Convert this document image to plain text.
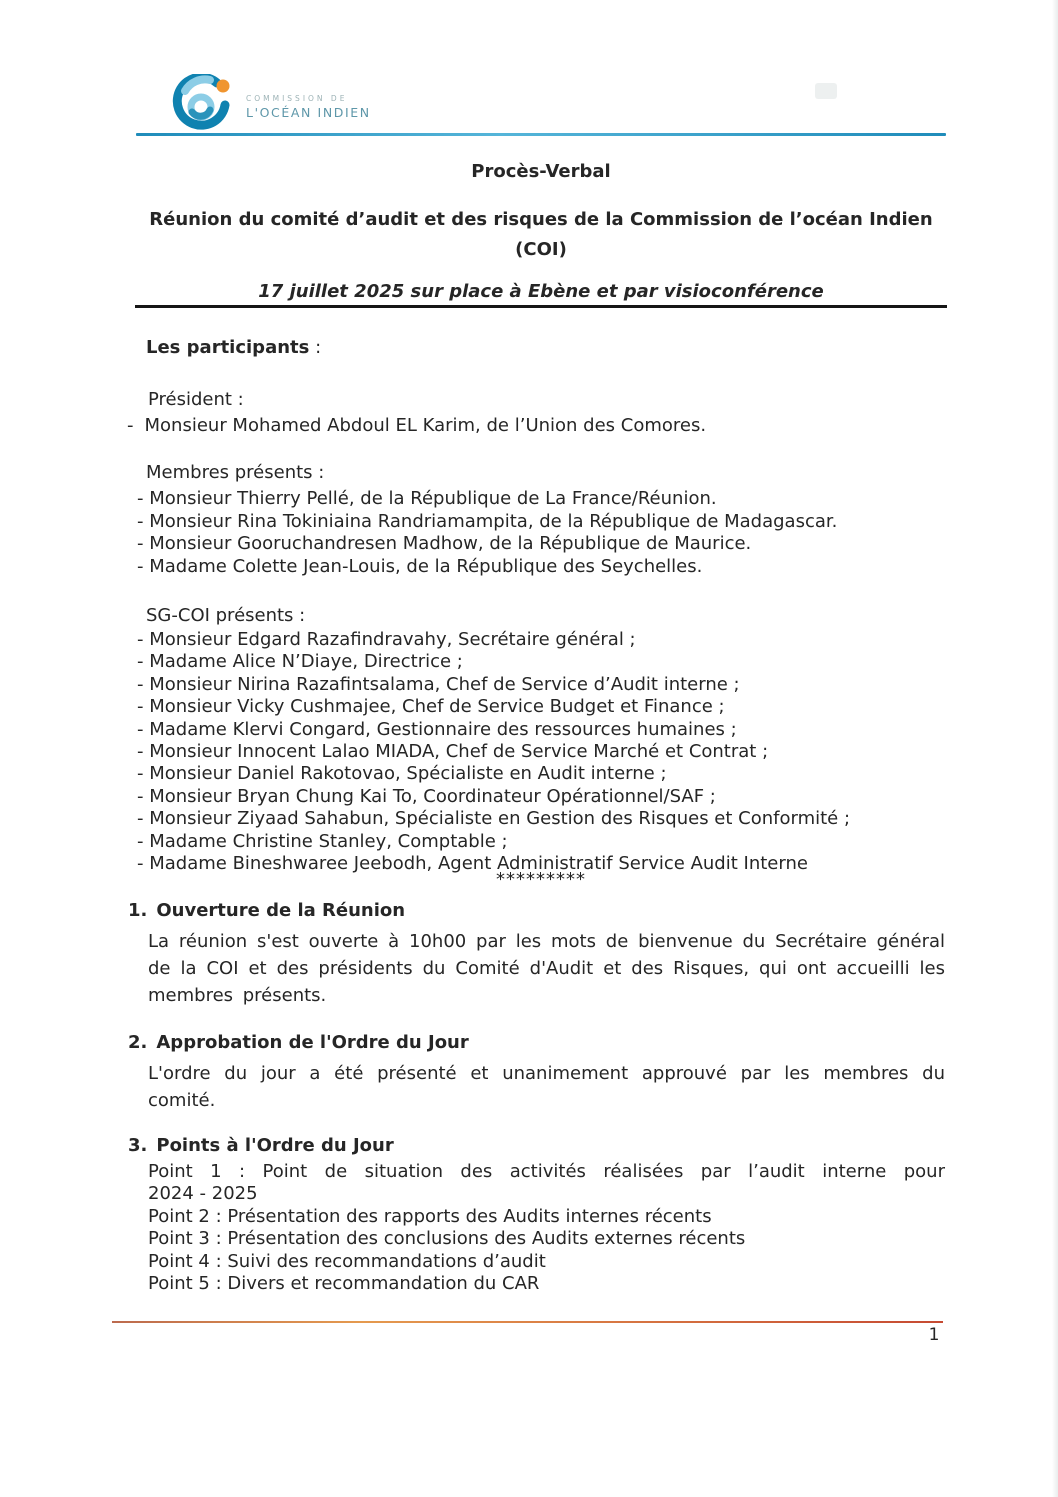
COMMISSION DE
L'OCÉAN INDIEN
Procès-Verbal
Réunion du comité d’audit et des risques de la Commission de l’océan Indien (COI)
17 juillet 2025 sur place à Ebène et par visioconférence
Les participants :
Président :
- Monsieur Mohamed Abdoul EL Karim, de l’Union des Comores.
Membres présents :
- Monsieur Thierry Pellé, de la République de La France/Réunion.
- Monsieur Rina Tokiniaina Randriamampita, de la République de Madagascar.
- Monsieur Gooruchandresen Madhow, de la République de Maurice.
- Madame Colette Jean-Louis, de la République des Seychelles.
SG-COI présents :
- Monsieur Edgard Razafindravahy, Secrétaire général ;
- Madame Alice N’Diaye, Directrice ;
- Monsieur Nirina Razafintsalama, Chef de Service d’Audit interne ;
- Monsieur Vicky Cushmajee, Chef de Service Budget et Finance ;
- Madame Klervi Congard, Gestionnaire des ressources humaines ;
- Monsieur Innocent Lalao MIADA, Chef de Service Marché et Contrat ;
- Monsieur Daniel Rakotovao, Spécialiste en Audit interne ;
- Monsieur Bryan Chung Kai To, Coordinateur Opérationnel/SAF ;
- Monsieur Ziyaad Sahabun, Spécialiste en Gestion des Risques et Conformité ;
- Madame Christine Stanley, Comptable ;
- Madame Bineshwaree Jeebodh, Agent Administratif Service Audit Interne
*********
1. Ouverture de la Réunion

La réunion s'est ouverte à 10h00 par les mots de bienvenue du Secrétaire général de la COI et des présidents du Comité d'Audit et des Risques, qui ont accueilli les membres présents.

2. Approbation de l'Ordre du Jour

L'ordre du jour a été présenté et unanimement approuvé par les membres du comité.

3. Points à l'Ordre du Jour
Point 1 : Point de situation des activités réalisées par l’audit interne pour
2024 - 2025
Point 2 : Présentation des rapports des Audits internes récents
Point 3 : Présentation des conclusions des Audits externes récents
Point 4 : Suivi des recommandations d’audit
Point 5 : Divers et recommandation du CAR
1
